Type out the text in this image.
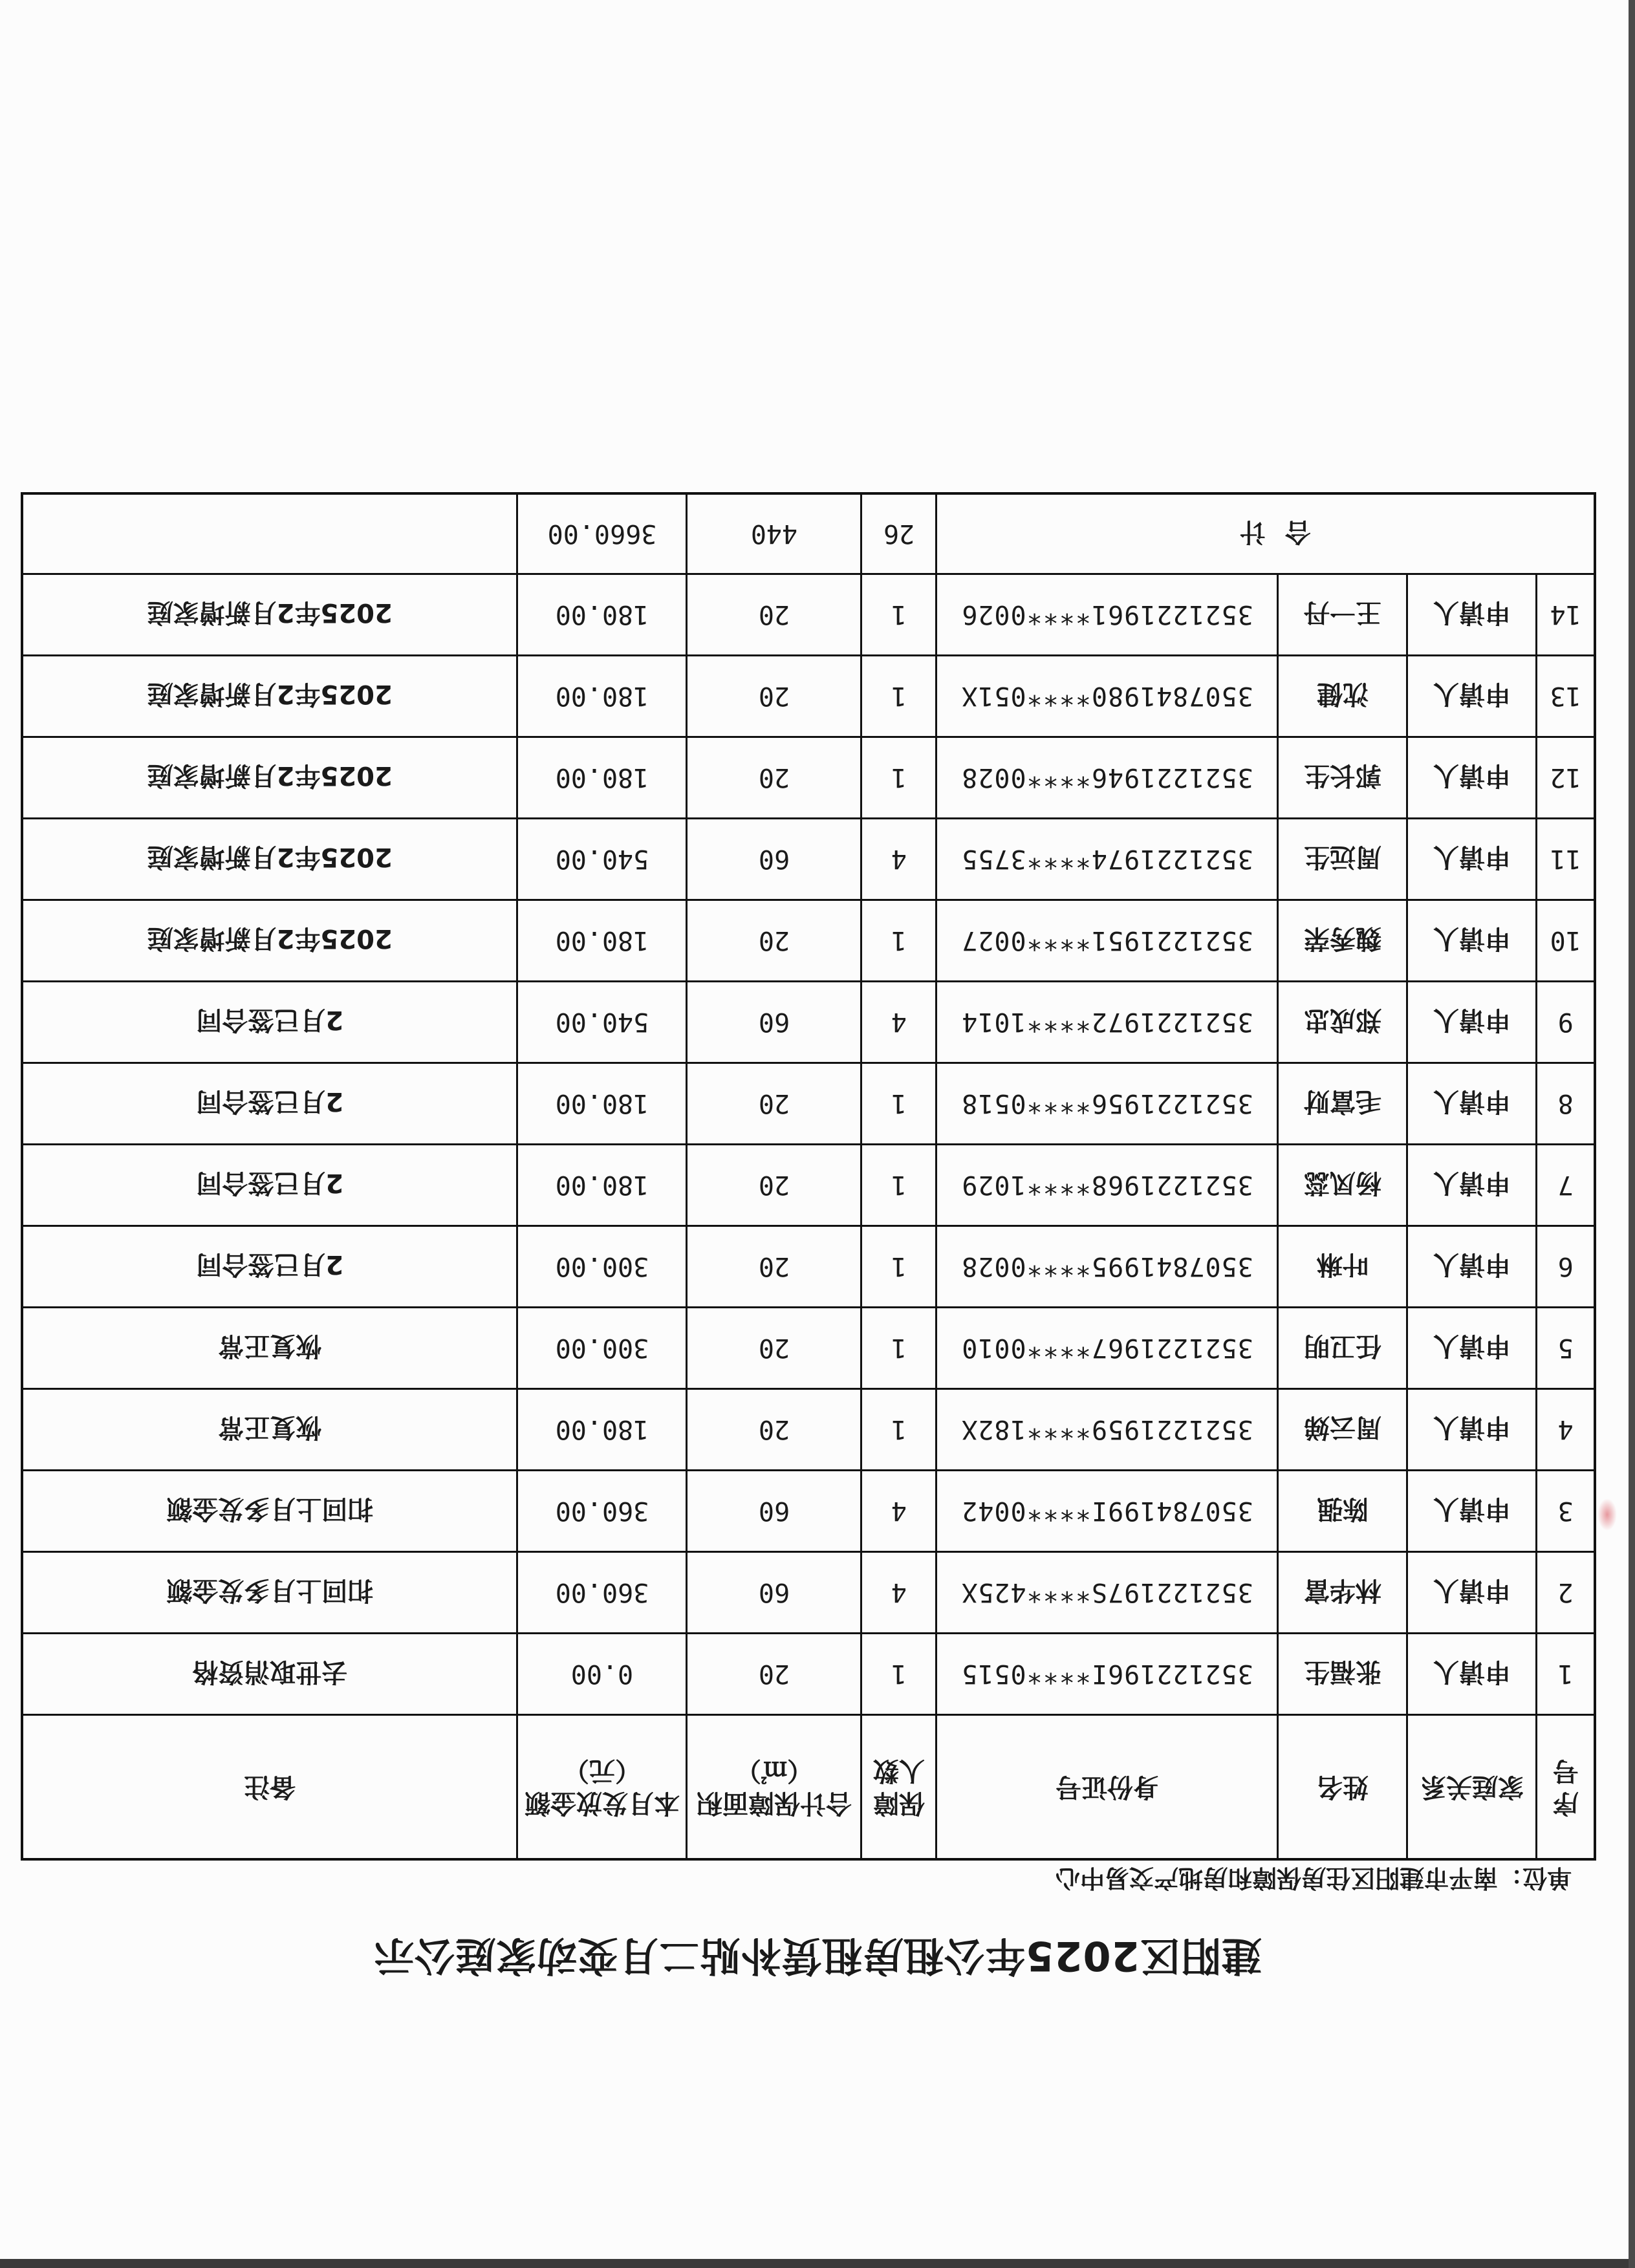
建阳区2025年公租房租赁补贴二月变动家庭公示
单位：南平市建阳区住房保障和房地产交易中心
序号	家庭关系	姓名	身份证号	保障人数	合计保障面积（㎡）	本月发放金额（元）	备注
1	申请人	张福生	352122196I****0515	1	20	0.00	去世取消资格
2	申请人	林华富	352122197S****425X	4	60	360.00	扣回上月多发金额
3	申请人	陈强	350784199I****0042	4	60	360.00	扣回上月多发金额
4	申请人	周云娣	3521221959****182X	1	20	180.00	恢复正常
5	申请人	任卫明	3521221967****0010	1	20	300.00	恢复正常
6	申请人	叶琳	3507841995****0028	1	20	300.00	2月已签合同
7	申请人	杨凤蕊	3521221968****1029	1	20	180.00	2月已签合同
8	申请人	毛富财	3521221956****0518	1	20	180.00	2月已签合同
9	申请人	郑成忠	3521221972****1014	4	60	540.00	2月已签合同
10	申请人	魏秀荣	3521221951****0027	1	20	180.00	2025年2月新增家庭
11	申请人	周远生	3521221974****3755	4	60	540.00	2025年2月新增家庭
12	申请人	郭长生	3521221946****0028	1	20	180.00	2025年2月新增家庭
13	申请人	沈健	3507841980****051X	1	20	180.00	2025年2月新增家庭
14	申请人	王一丹	3521221961****0026	1	20	180.00	2025年2月新增家庭
合计				26	440	3660.00	
